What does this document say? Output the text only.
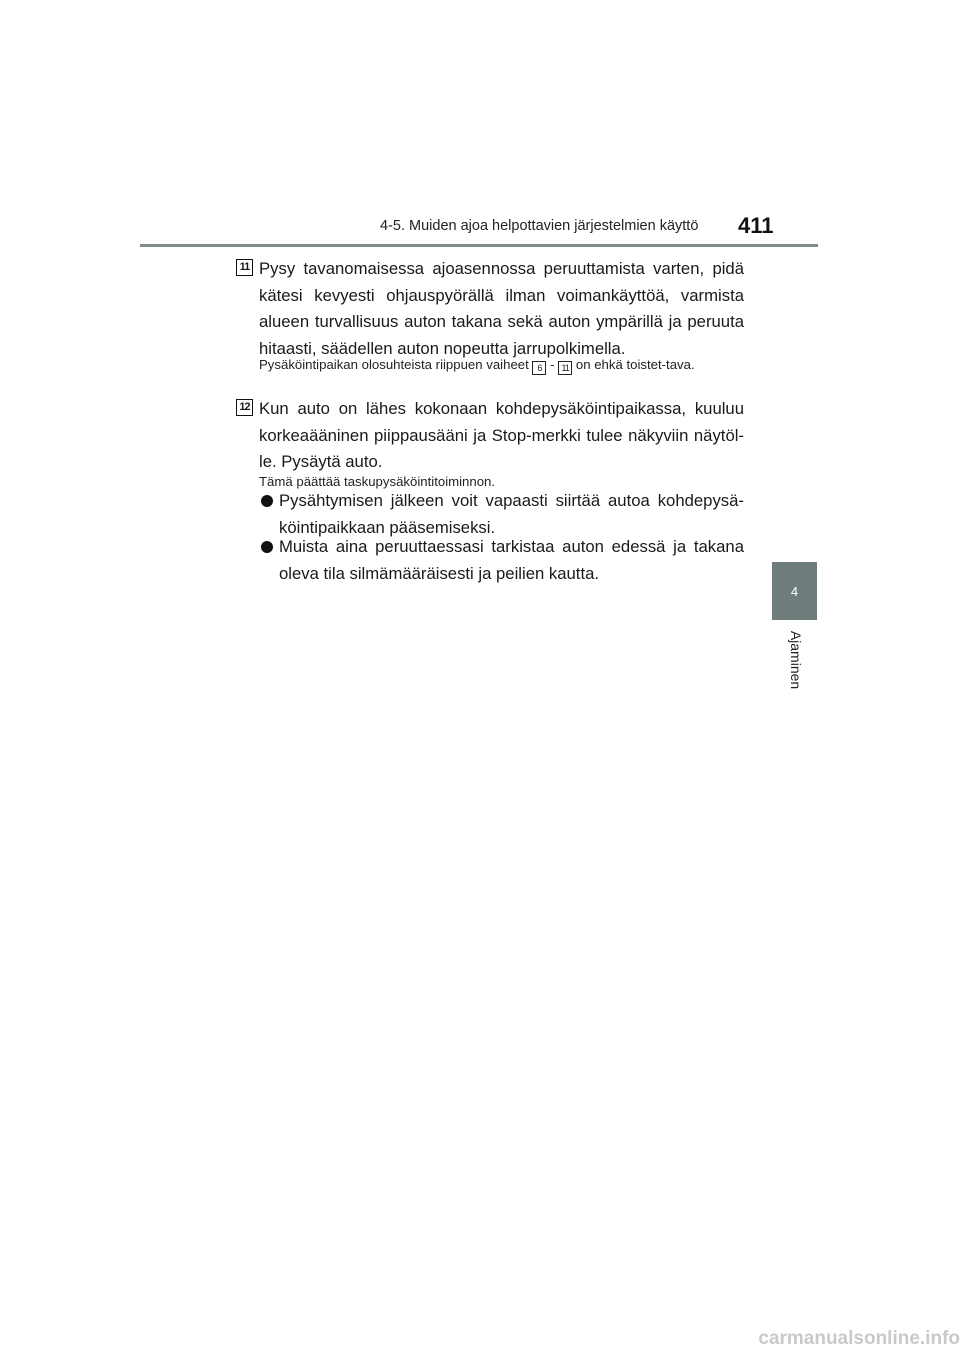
4-5. Muiden ajoa helpottavien järjestelmien käyttö 411
4
Ajaminen
11 Pysy tavanomaisessa ajoasennossa peruuttamista varten, pidä kätesi kevyesti ohjauspyörällä ilman voimankäyttöä, varmista alueen turvallisuus auton takana sekä auton ympärillä ja peruuta hitaasti, säädellen auton nopeutta jarrupolkimella.
Pysäköintipaikan olosuhteista riippuen vaiheet 6 - 11 on ehkä toistet-tava.
12 Kun auto on lähes kokonaan kohdepysäköintipaikassa, kuuluu korkeaääninen piippausääni ja Stop-merkki tulee näkyviin näytöl-le. Pysäytä auto.
Tämä päättää taskupysäköintitoiminnon.
Pysähtymisen jälkeen voit vapaasti siirtää autoa kohdepysä-köintipaikkaan pääsemiseksi.
Muista aina peruuttaessasi tarkistaa auton edessä ja takana oleva tila silmämääräisesti ja peilien kautta.
carmanualsonline.info
